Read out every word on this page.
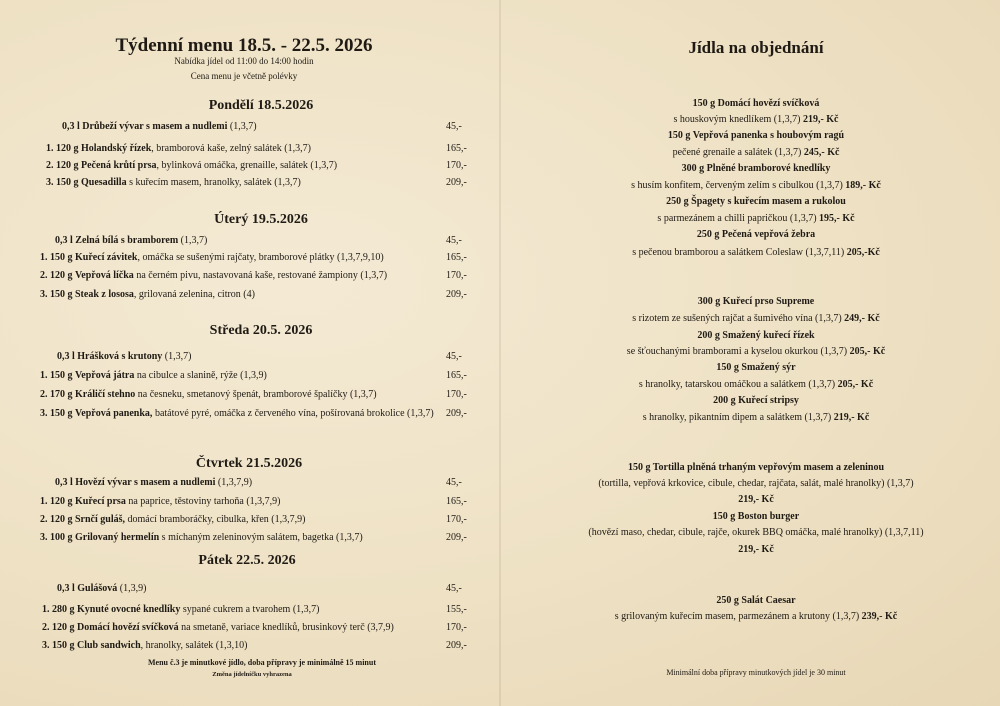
Týdenní menu 18.5. - 22.5. 2026
Nabídka jídel od 11:00 do 14:00 hodin
Cena menu je včetně polévky
Pondělí 18.5.2026
0,3 l Drůbeží vývar s masem a nudlemi (1,3,7)	45,-
1. 120 g Holandský řízek, bramborová kaše, zelný salátek (1,3,7)	165,-
2. 120 g Pečená krůtí prsa, bylinková omáčka, grenaille, salátek (1,3,7)	170,-
3. 150 g Quesadilla s kuřecím masem, hranolky, salátek (1,3,7)	209,-
Úterý 19.5.2026
0,3 l Zelná bílá s bramborem (1,3,7)	45,-
1. 150 g Kuřecí závitek, omáčka se sušenými rajčaty, bramborové plátky (1,3,7,9,10)	165,-
2. 120 g Vepřová líčka na černém pivu, nastavovaná kaše, restované žampiony (1,3,7)	170,-
3. 150 g Steak z lososa, grilovaná zelenina, citron (4)	209,-
Středa 20.5. 2026
0,3 l Hrášková s krutony (1,3,7)	45,-
1. 150 g Vepřová játra na cibulce a slanině, rýže (1,3,9)	165,-
2. 170 g Králičí stehno na česneku, smetanový špenát, bramborové špalíčky (1,3,7)	170,-
3. 150 g Vepřová panenka, batátové pyré, omáčka z červeného vína, pošírovaná brokolice (1,3,7) 209,-
Čtvrtek 21.5.2026
0,3 l Hovězí vývar s masem a nudlemi (1,3,7,9)	45,-
1. 120 g Kuřecí prsa na paprice, těstoviny tarhoňa (1,3,7,9)	165,-
2. 120 g Srnčí guláš, domácí bramboráčky, cibulka, křen (1,3,7,9)	170,-
3. 100 g Grilovaný hermelín s míchaným zeleninovým salátem, bagetka (1,3,7)	209,-
Pátek 22.5. 2026
0,3 l Gulášová (1,3,9)	45,-
1. 280 g Kynuté ovocné knedlíky sypané cukrem a tvarohem (1,3,7)	155,-
2. 120 g Domácí hovězí svíčková na smetaně, variace knedlíků, brusinkový terč (3,7,9)	170,-
3. 150 g Club sandwich, hranolky, salátek (1,3,10)	209,-
Menu č.3 je minutkové jídlo, doba přípravy je minimálně 15 minut
Změna jídelníčku vyhrazena
Jídla na objednání
150 g Domácí hovězí svíčková
s houskovým knedlíkem (1,3,7) 219,- Kč
150 g Vepřová panenka s houbovým ragú
pečené grenaile a salátek (1,3,7) 245,- Kč
300 g Plněné bramborové knedlíky
s husím konfitem, červeným zelím s cibulkou (1,3,7) 189,- Kč
250 g Špagety s kuřecím masem a rukolou
s parmezánem a chilli papričkou (1,3,7) 195,- Kč
250 g Pečená vepřová žebra
s pečenou bramborou a salátkem Coleslaw (1,3,7,11) 205,-Kč
300 g Kuřecí prso Supreme
s rizotem ze sušených rajčat a šumivého vína (1,3,7) 249,- Kč
200 g Smažený kuřecí řízek
se šťouchanými bramborami a kyselou okurkou (1,3,7) 205,- Kč
150 g Smažený sýr
s hranolky, tatarskou omáčkou a salátkem (1,3,7) 205,- Kč
200 g Kuřecí stripsy
s hranolky, pikantním dipem a salátkem (1,3,7) 219,- Kč
150 g Tortilla plněná trhaným vepřovým masem a zeleninou
(tortilla, vepřová krkovice, cibule, chedar, rajčata, salát, malé hranolky) (1,3,7)
219,- Kč
150 g Boston burger
(hovězí maso, chedar, cibule, rajče, okurek BBQ omáčka, malé hranolky) (1,3,7,11)
219,- Kč
250 g Salát Caesar
s grilovaným kuřecím masem, parmezánem a krutony (1,3,7) 239,- Kč
Minimální doba přípravy minutkových jídel je 30 minut
